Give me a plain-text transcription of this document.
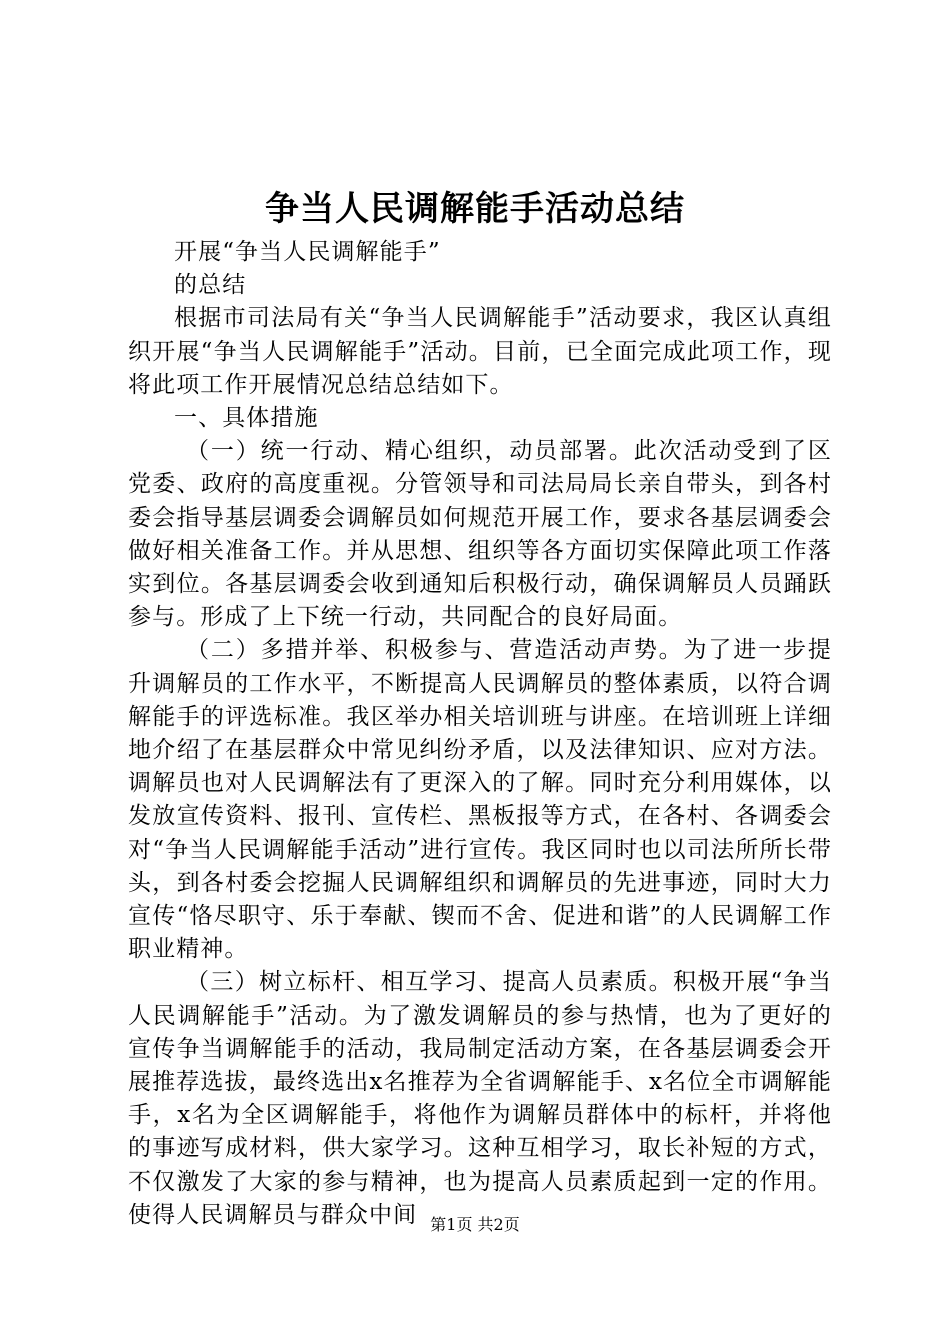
争当人民调解能手活动总结

开展“争当人民调解能手”

的总结

根据市司法局有关“争当人民调解能手”活动要求，我区认真组织开展“争当人民调解能手”活动。目前，已全面完成此项工作，现将此项工作开展情况总结总结如下。

一、具体措施

（一）统一行动、精心组织，动员部署。此次活动受到了区党委、政府的高度重视。分管领导和司法局局长亲自带头，到各村委会指导基层调委会调解员如何规范开展工作，要求各基层调委会做好相关准备工作。并从思想、组织等各方面切实保障此项工作落实到位。各基层调委会收到通知后积极行动，确保调解员人员踊跃参与。形成了上下统一行动，共同配合的良好局面。

（二）多措并举、积极参与、营造活动声势。为了进一步提升调解员的工作水平，不断提高人民调解员的整体素质，以符合调解能手的评选标准。我区举办相关培训班与讲座。在培训班上详细地介绍了在基层群众中常见纠纷矛盾，以及法律知识、应对方法。调解员也对人民调解法有了更深入的了解。同时充分利用媒体，以发放宣传资料、报刊、宣传栏、黑板报等方式，在各村、各调委会对“争当人民调解能手活动”进行宣传。我区同时也以司法所所长带头，到各村委会挖掘人民调解组织和调解员的先进事迹，同时大力宣传“恪尽职守、乐于奉献、锲而不舍、促进和谐”的人民调解工作职业精神。

（三）树立标杆、相互学习、提高人员素质。积极开展“争当人民调解能手”活动。为了激发调解员的参与热情，也为了更好的宣传争当调解能手的活动，我局制定活动方案，在各基层调委会开展推荐选拔，最终选出x名推荐为全省调解能手、x名位全市调解能手，x名为全区调解能手，将他作为调解员群体中的标杆，并将他的事迹写成材料，供大家学习。这种互相学习，取长补短的方式，不仅激发了大家的参与精神，也为提高人员素质起到一定的作用。使得人民调解员与群众中间 第1页 共2页
